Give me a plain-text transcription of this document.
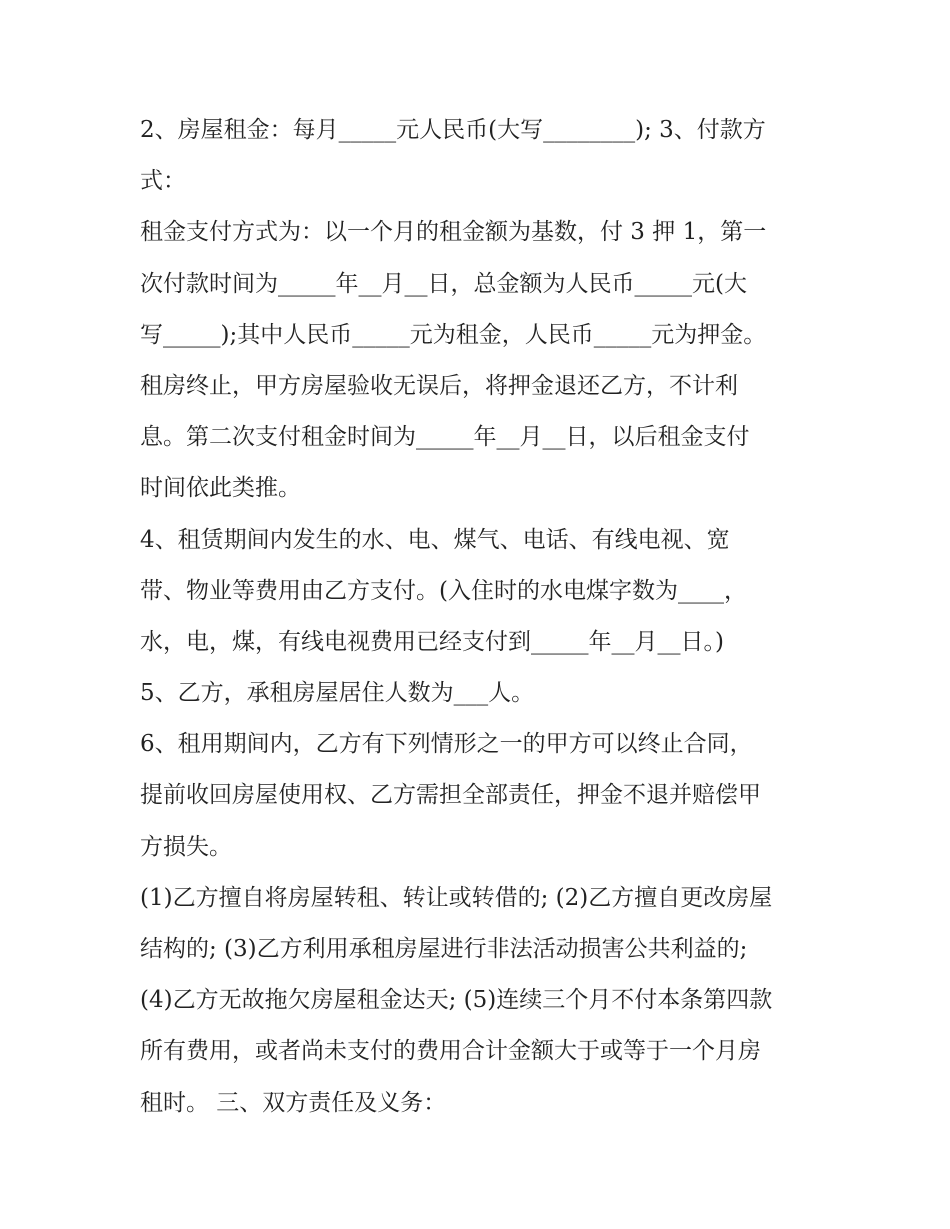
2、房屋租金：每月_____元人民币(大写________); 3、付款方
式：
租金支付方式为：以一个月的租金额为基数，付 3 押 1，第一
次付款时间为_____年__月__日，总金额为人民币_____元(大
写_____);其中人民币_____元为租金，人民币_____元为押金。
租房终止，甲方房屋验收无误后，将押金退还乙方，不计利
息。第二次支付租金时间为_____年__月__日，以后租金支付
时间依此类推。
4、租赁期间内发生的水、电、煤气、电话、有线电视、宽
带、物业等费用由乙方支付。(入住时的水电煤字数为____，
水，电，煤，有线电视费用已经支付到_____年__月__日。)
5、乙方，承租房屋居住人数为___人。
6、租用期间内，乙方有下列情形之一的甲方可以终止合同，
提前收回房屋使用权、乙方需担全部责任，押金不退并赔偿甲
方损失。
(1)乙方擅自将房屋转租、转让或转借的; (2)乙方擅自更改房屋
结构的; (3)乙方利用承租房屋进行非法活动损害公共利益的;
(4)乙方无故拖欠房屋租金达天; (5)连续三个月不付本条第四款
所有费用，或者尚未支付的费用合计金额大于或等于一个月房
租时。 三、双方责任及义务：
